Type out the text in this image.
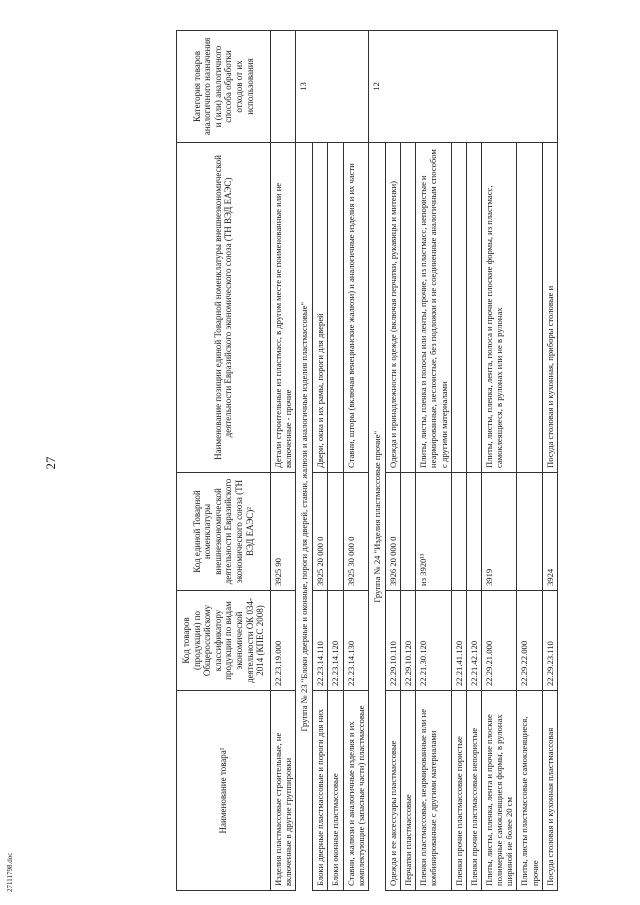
27
27111798.doc
Наименование товара¹	Код товаров (продукции) по Общероссийскому классификатору продукции по видам экономической деятельности ОК 034-2014 (КПЕС 2008)	Код единой Товарной номенклатуры внешнеэкономической деятельности Евразийского экономического союза (ТН ВЭД ЕАЭС)²	Наименование позиции единой Товарной номенклатуры внешнеэкономической деятельности Евразийского экономического союза (ТН ВЭД ЕАЭС)	Категория товаров аналогичного назначения и (или) аналогичного способа обработки отходов от их использования
Изделия пластмассовые строительные, не включенные в другие группировки	22.23.19.000	3925 90	Детали строительные из пластмасс, в другом месте не поименованные или не включенные - прочие	
Группа № 23 "Блоки дверные и оконные, пороги для дверей, ставни, жалюзи и аналогичные изделия пластмассовые"				13
Блоки дверные пластмассовые и пороги для них	22.23.14.110	3925 20 000 0	Двери, окна и их рамы, пороги для дверей	
Блоки оконные пластмассовые	22.23.14.120			
Ставни, жалюзи и аналогичные изделия и их комплектующие (запасные части) пластмассовые	22.23.14.130	3925 30 000 0	Ставни, шторы (включая венецианские жалюзи) и аналогичные изделия и их части	
Группа № 24 "Изделия пластмассовые прочие"				12
Одежда и ее аксессуары пластмассовые	22.29.10.110	3926 20 000 0	Одежда и принадлежности к одежде (включая перчатки, рукавицы и митенки)	
Перчатки пластмассовые	22.29.10.120			
Пленки пластмассовые, неармированные или не комбинированные с другими материалами	22.21.30.120	из 3920¹³	Плиты, листы, пленка и полосы или ленты, прочие, из пластмасс, непористые и неармированные, неслоистые, без подложки и не соединенные аналогичным способом с другими материалами	
Пленки прочие пластмассовые пористые	22.21.41.120			
Пленки прочие пластмассовые непористые	22.21.42.120			
Плиты, листы, пленка, лента и прочие плоские полимерные самоклеящиеся формы, в рулонах шириной не более 20 см	22.29.21.000	3919	Плиты, листы, пленка, лента, полоса и прочие плоские формы, из пластмасс, самоклеящиеся, в рулонах или не в рулонах	
Плиты, листы пластмассовые самоклеящиеся, прочие	22.29.22.000			
Посуда столовая и кухонная пластмассовая	22.29.23.110	3924	Посуда столовая и кухонная, приборы столовые и	
